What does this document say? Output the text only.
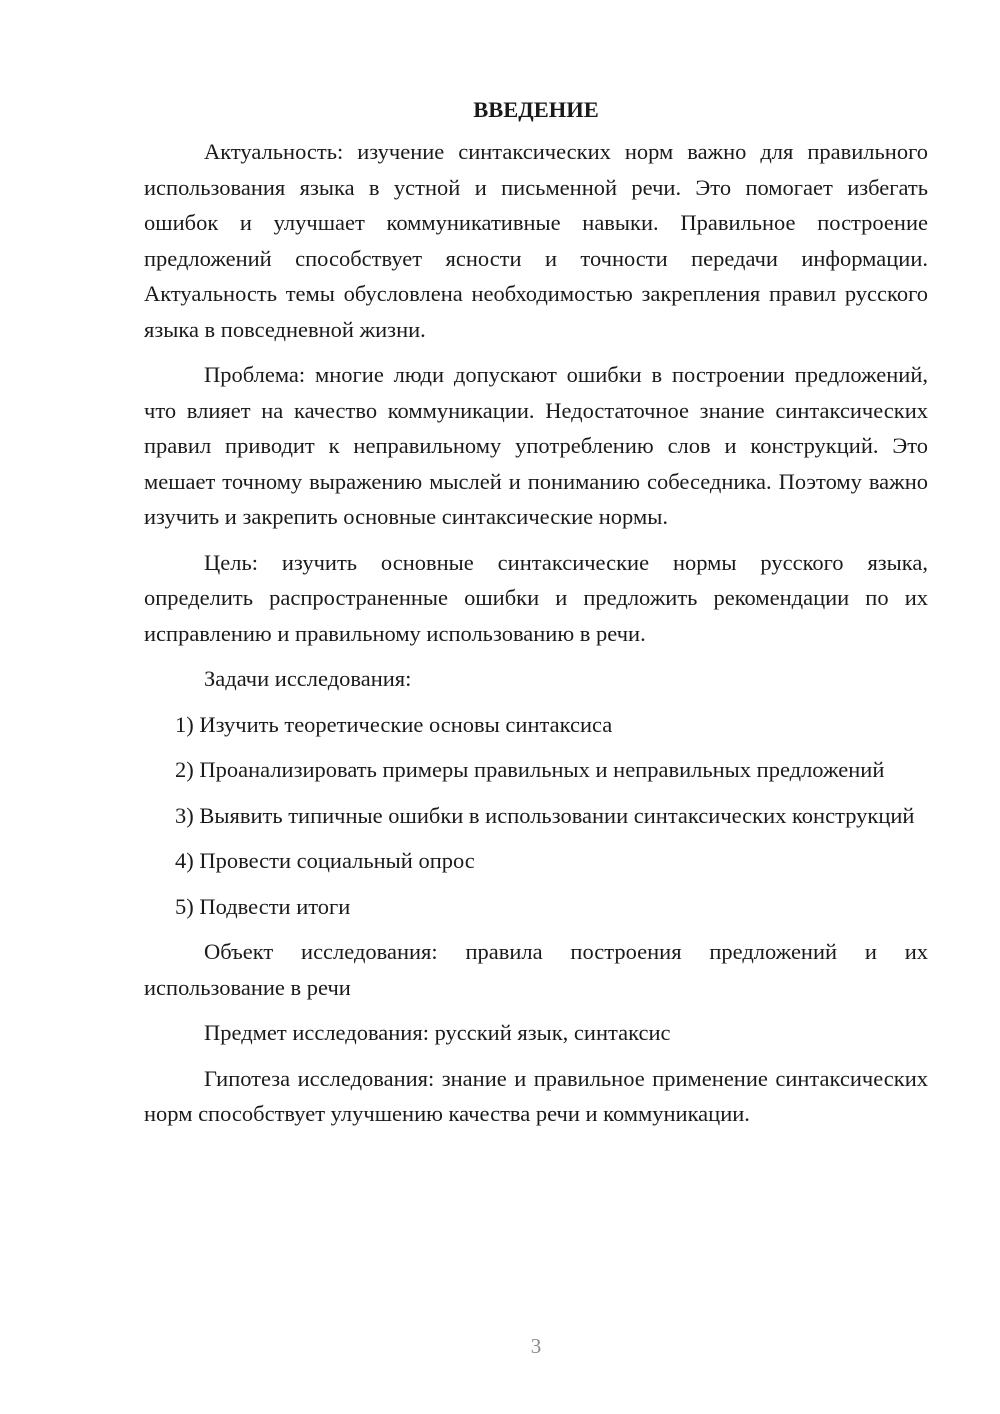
ВВЕДЕНИЕ

Актуальность: изучение синтаксических норм важно для правильного использования языка в устной и письменной речи. Это помогает избегать ошибок и улучшает коммуникативные навыки. Правильное построение предложений способствует ясности и точности передачи информации. Актуальность темы обусловлена необходимостью закрепления правил русского языка в повседневной жизни.

Проблема: многие люди допускают ошибки в построении предложений, что влияет на качество коммуникации. Недостаточное знание синтаксических правил приводит к неправильному употреблению слов и конструкций. Это мешает точному выражению мыслей и пониманию собеседника. Поэтому важно изучить и закрепить основные синтаксические нормы.

Цель: изучить основные синтаксические нормы русского языка, определить распространенные ошибки и предложить рекомендации по их исправлению и правильному использованию в речи.

Задачи исследования:

1) Изучить теоретические основы синтаксиса

2) Проанализировать примеры правильных и неправильных предложений

3) Выявить типичные ошибки в использовании синтаксических конструкций

4) Провести социальный опрос

5) Подвести итоги

Объект исследования: правила построения предложений и их использование в речи

Предмет исследования: русский язык, синтаксис

Гипотеза исследования: знание и правильное применение синтаксических норм способствует улучшению качества речи и коммуникации.

3
